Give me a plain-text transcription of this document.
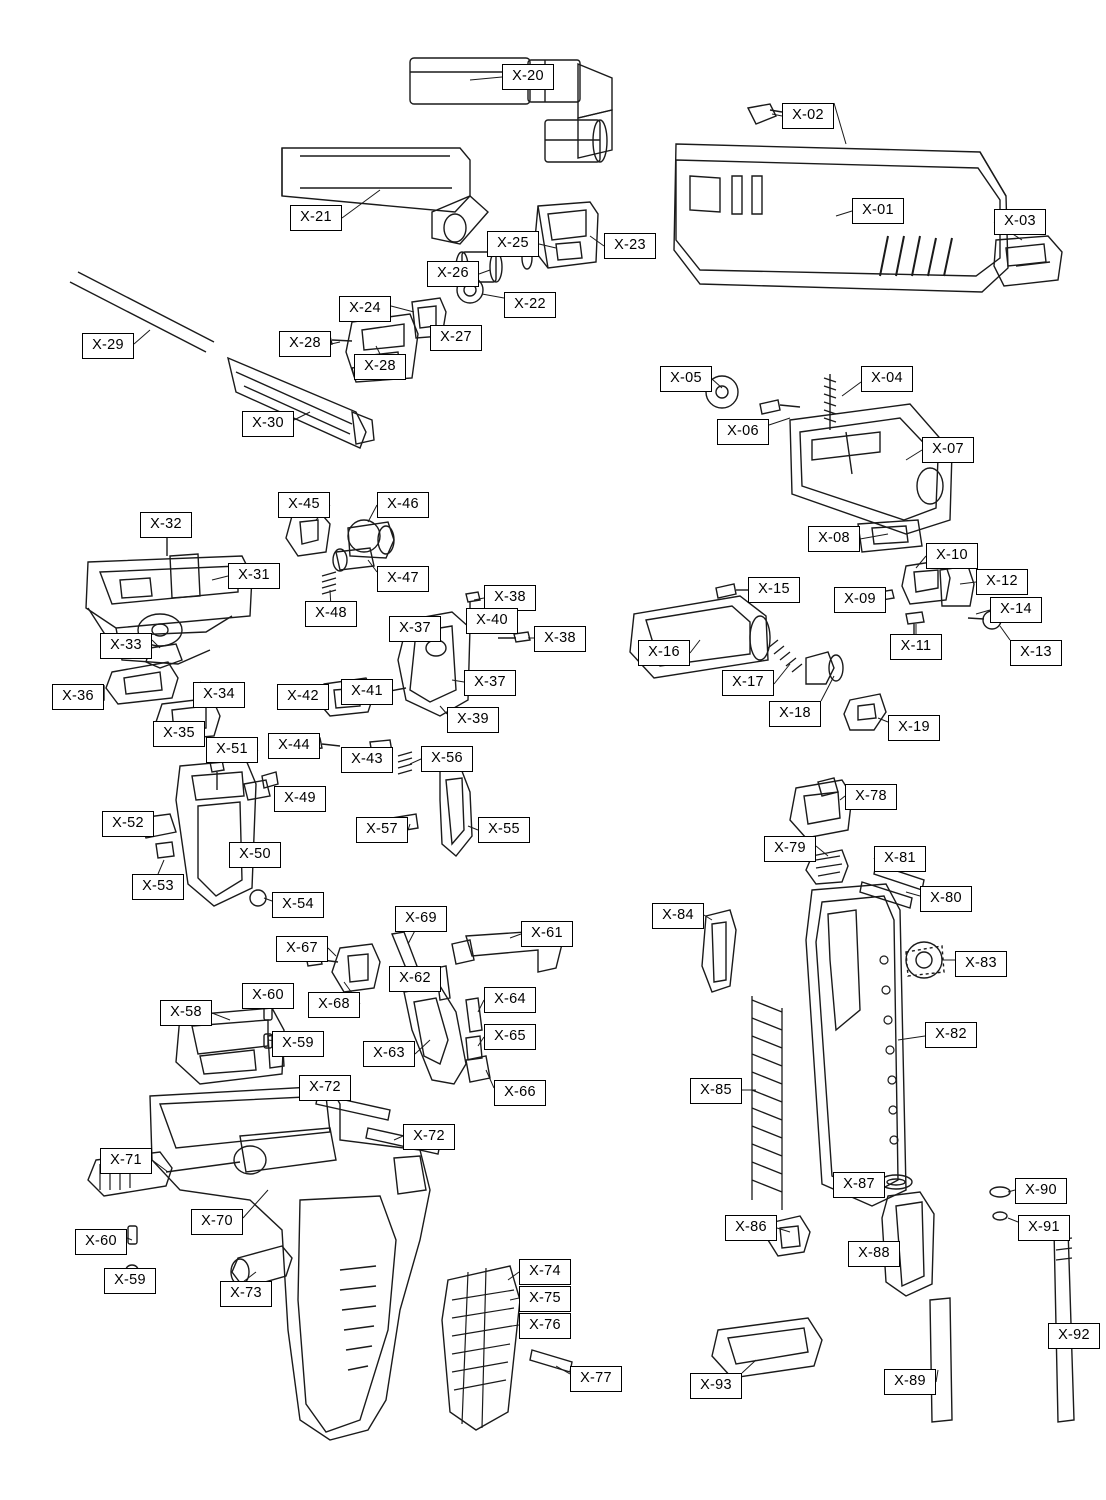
X-20
X-02
X-21	X-01
X-03
X-25	X-23
X-26
X-22
X-24
X-29	X-28	X-27
X-28
X-05	X-04
X-30	X-06
X-07
X-45	X-46
X-32
X-08
X-10
X-47
X-31	X-12
X-38
X-48
X-15
X-09
X-14
X-40
X-37
X-38
X-33	X-11	X-13
X-16
X-37
X-36	X-34	X-42	X-41
X-17
X-39
X-35
X-18
X-19
X-51	X-44
X-43	X-56
X-49	X-78
X-52	X-57	X-55
X-50	X-79
X-81
X-53
X-80
X-54
X-84
X-69
X-61
X-67
X-83
X-62
X-60
X-68	X-64
X-58
X-65	X-82
X-59
X-63
X-72	X-66	X-85
X-72
X-71
X-87	X-90
X-70
X-60
X-86	X-91
X-88
X-74
X-59
X-73	X-75
X-76
X-92
X-77	X-93	X-89
